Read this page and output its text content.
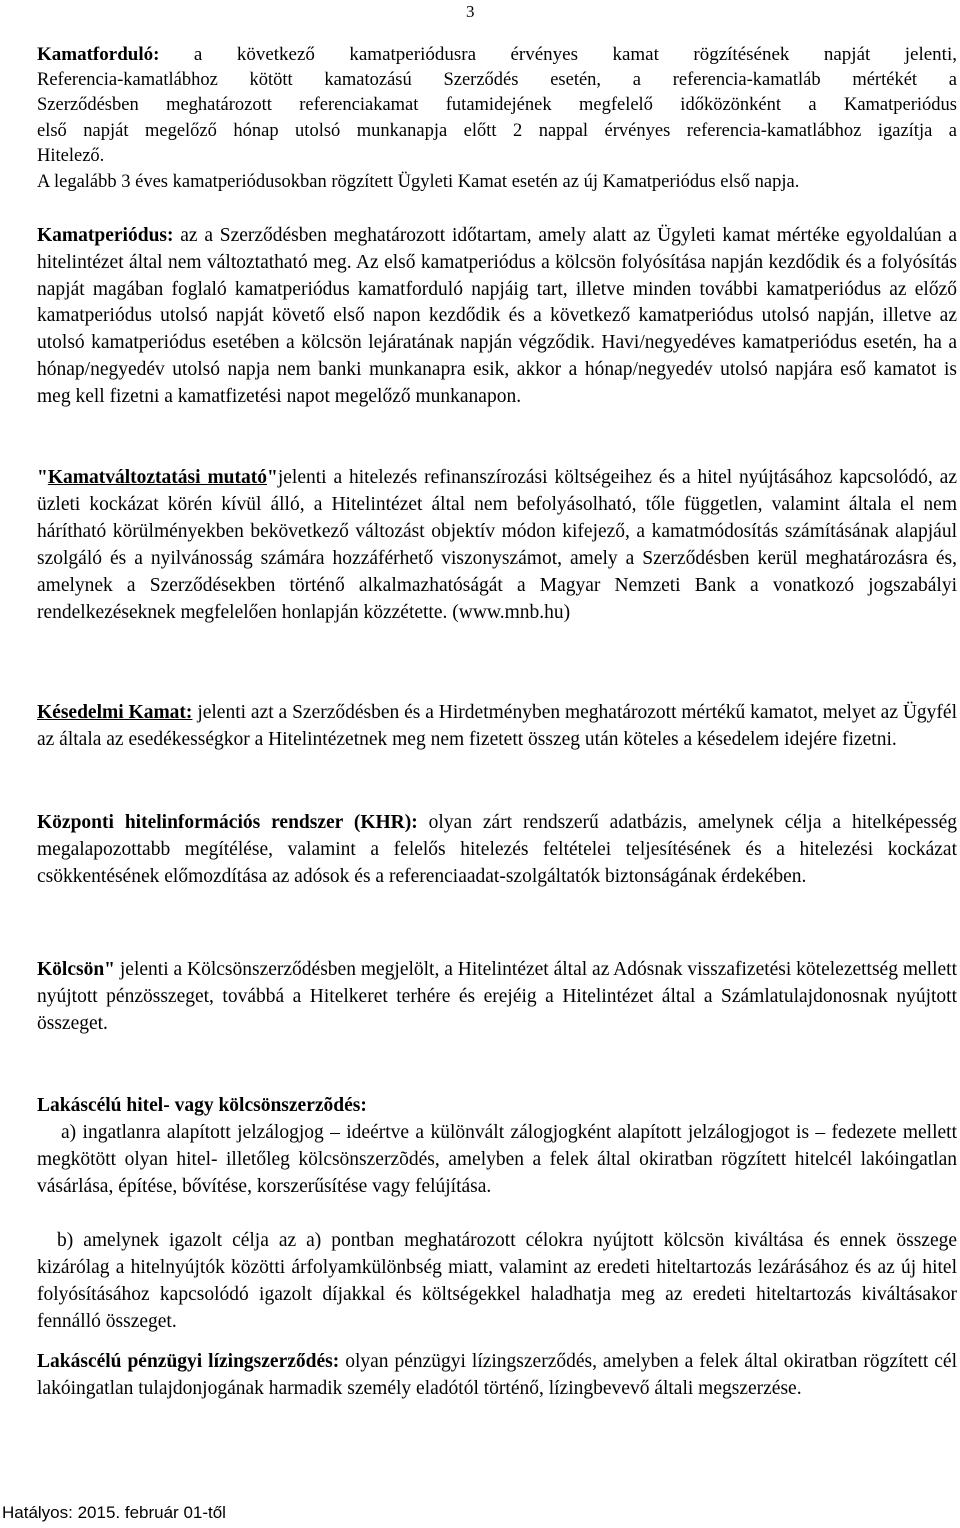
3
Kamatforduló: a következő kamatperiódusra érvényes kamat rögzítésének napját jelenti,
Referencia-kamatlábhoz kötött kamatozású Szerződés esetén, a referencia-kamatláb mértékét a
Szerződésben meghatározott referenciakamat futamidejének megfelelő időközönként a Kamatperiódus
első napját megelőző hónap utolsó munkanapja előtt 2 nappal érvényes referencia-kamatlábhoz igazítja a
Hitelező.
A legalább 3 éves kamatperiódusokban rögzített Ügyleti Kamat esetén az új Kamatperiódus első napja.

Kamatperiódus: az a Szerződésben meghatározott időtartam, amely alatt az Ügyleti kamat mértéke egyoldalúan a hitelintézet által nem változtatható meg. Az első kamatperiódus a kölcsön folyósítása napján kezdődik és a folyósítás napját magában foglaló kamatperiódus kamatforduló napjáig tart, illetve minden további kamatperiódus az előző kamatperiódus utolsó napját követő első napon kezdődik és a következő kamatperiódus utolsó napján, illetve az utolsó kamatperiódus esetében a kölcsön lejáratának napján végződik. Havi/negyedéves kamatperiódus esetén, ha a hónap/negyedév utolsó napja nem banki munkanapra esik, akkor a hónap/negyedév utolsó napjára eső kamatot is meg kell fizetni a kamatfizetési napot megelőző munkanapon.

"Kamatváltoztatási mutató"jelenti a hitelezés refinanszírozási költségeihez és a hitel nyújtásához kapcsolódó, az üzleti kockázat körén kívül álló, a Hitelintézet által nem befolyásolható, tőle független, valamint általa el nem hárítható körülményekben bekövetkező változást objektív módon kifejező, a kamatmódosítás számításának alapjául szolgáló és a nyilvánosság számára hozzáférhető viszonyszámot, amely a Szerződésben kerül meghatározásra és, amelynek a Szerződésekben történő alkalmazhatóságát a Magyar Nemzeti Bank a vonatkozó jogszabályi rendelkezéseknek megfelelően honlapján közzétette. (www.mnb.hu)

Késedelmi Kamat: jelenti azt a Szerződésben és a Hirdetményben meghatározott mértékű kamatot, melyet az Ügyfél az általa az esedékességkor a Hitelintézetnek meg nem fizetett összeg után köteles a késedelem idejére fizetni.

Központi hitelinformációs rendszer (KHR): olyan zárt rendszerű adatbázis, amelynek célja a hitelképesség megalapozottabb megítélése, valamint a felelős hitelezés feltételei teljesítésének és a hitelezési kockázat csökkentésének előmozdítása az adósok és a referenciaadat-szolgáltatók biztonságának érdekében.

Kölcsön" jelenti a Kölcsönszerződésben megjelölt, a Hitelintézet által az Adósnak visszafizetési kötelezettség mellett nyújtott pénzösszeget, továbbá a Hitelkeret terhére és erejéig a Hitelintézet által a Számlatulajdonosnak nyújtott összeget.

Lakáscélú hitel- vagy kölcsönszerzõdés:

a) ingatlanra alapított jelzálogjog – ideértve a különvált zálogjogként alapított jelzálogjogot is – fedezete mellett megkötött olyan hitel- illetőleg kölcsönszerzõdés, amelyben a felek által okiratban rögzített hitelcél lakóingatlan vásárlása, építése, bővítése, korszerűsítése vagy felújítása.

b) amelynek igazolt célja az a) pontban meghatározott célokra nyújtott kölcsön kiváltása és ennek összege kizárólag a hitelnyújtók közötti árfolyamkülönbség miatt, valamint az eredeti hiteltartozás lezárásához és az új hitel folyósításához kapcsolódó igazolt díjakkal és költségekkel haladhatja meg az eredeti hiteltartozás kiváltásakor fennálló összeget.

Lakáscélú pénzügyi lízingszerződés: olyan pénzügyi lízingszerződés, amelyben a felek által okiratban rögzített cél lakóingatlan tulajdonjogának harmadik személy eladótól történő, lízingbevevő általi megszerzése.

Hatályos: 2015. február 01-től
